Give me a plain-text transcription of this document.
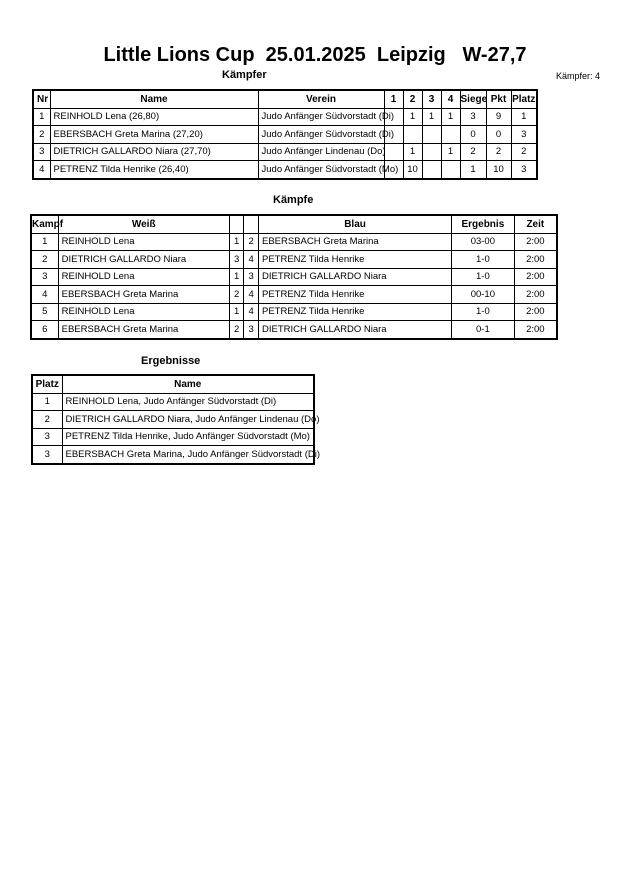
Little Lions Cup  25.01.2025  Leipzig   W-27,7
Kämpfer	Kämpfer: 4
Nr	Name	Verein	1	2	3	4	Siege	Pkt	Platz
1	REINHOLD Lena (26,80)	Judo Anfänger Südvorstadt (Di)		1	1	1	3	9	1
2	EBERSBACH Greta Marina (27,20)	Judo Anfänger Südvorstadt (Di)					0	0	3
3	DIETRICH GALLARDO Niara (27,70)	Judo Anfänger Lindenau (Do)		1		1	2	2	2
4	PETRENZ Tilda Henrike (26,40)	Judo Anfänger Südvorstadt (Mo)		10			1	10	3
Kämpfe
Kampf	Weiß			Blau	Ergebnis	Zeit
1	REINHOLD Lena	1	2	EBERSBACH Greta Marina	03-00	2:00
2	DIETRICH GALLARDO Niara	3	4	PETRENZ Tilda Henrike	1-0	2:00
3	REINHOLD Lena	1	3	DIETRICH GALLARDO Niara	1-0	2:00
4	EBERSBACH Greta Marina	2	4	PETRENZ Tilda Henrike	00-10	2:00
5	REINHOLD Lena	1	4	PETRENZ Tilda Henrike	1-0	2:00
6	EBERSBACH Greta Marina	2	3	DIETRICH GALLARDO Niara	0-1	2:00
Ergebnisse
Platz	Name
1	REINHOLD Lena, Judo Anfänger Südvorstadt (Di)
2	DIETRICH GALLARDO Niara, Judo Anfänger Lindenau (Do)
3	PETRENZ Tilda Henrike, Judo Anfänger Südvorstadt (Mo)
3	EBERSBACH Greta Marina, Judo Anfänger Südvorstadt (Di)
